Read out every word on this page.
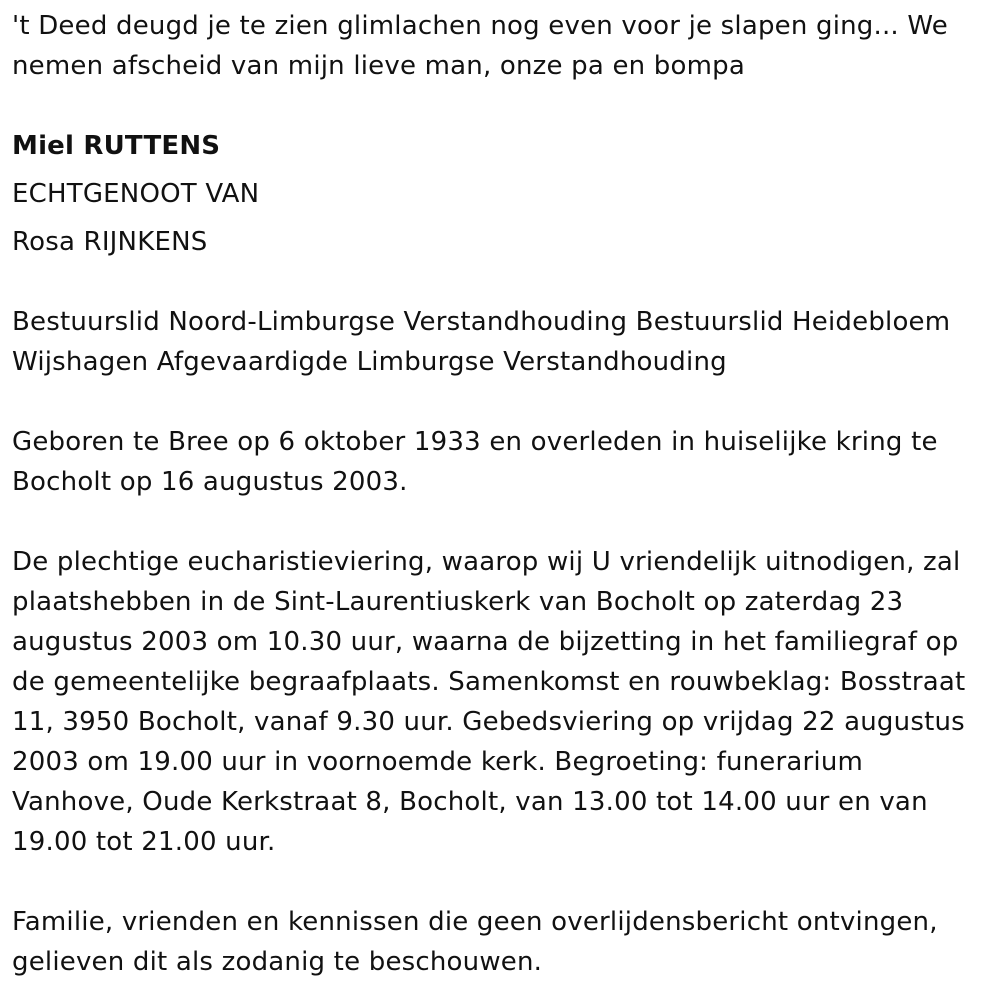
't Deed deugd je te zien glimlachen nog even voor je slapen ging... We nemen afscheid van mijn lieve man, onze pa en bompa

Miel RUTTENS

ECHTGENOOT VAN

Rosa RIJNKENS

Bestuurslid Noord-Limburgse Verstandhouding Bestuurslid Heidebloem Wijshagen Afgevaardigde Limburgse Verstandhouding

Geboren te Bree op 6 oktober 1933 en overleden in huiselijke kring te Bocholt op 16 augustus 2003.

De plechtige eucharistieviering, waarop wij U vriendelijk uitnodigen, zal plaatshebben in de Sint-Laurentiuskerk van Bocholt op zaterdag 23 augustus 2003 om 10.30 uur, waarna de bijzetting in het familiegraf op de gemeentelijke begraafplaats. Samenkomst en rouwbeklag: Bosstraat 11, 3950 Bocholt, vanaf 9.30 uur. Gebedsviering op vrijdag 22 augustus 2003 om 19.00 uur in voornoemde kerk. Begroeting: funerarium Vanhove, Oude Kerkstraat 8, Bocholt, van 13.00 tot 14.00 uur en van 19.00 tot 21.00 uur.

Familie, vrienden en kennissen die geen overlijdensbericht ontvingen, gelieven dit als zodanig te beschouwen.
